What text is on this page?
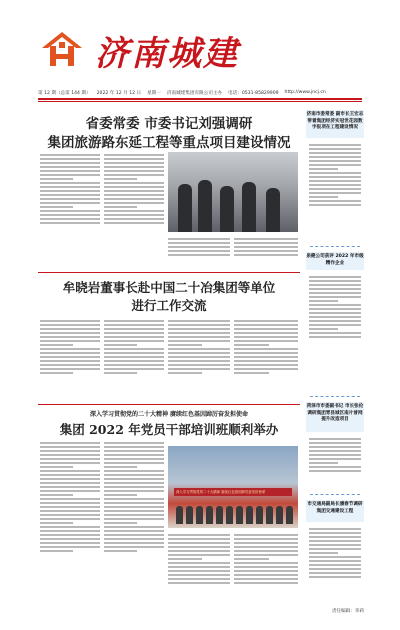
济南城建
第 12 期（总第 144 期） 2022 年 12 月 12 日 星期一 济南城建集团有限公司主办 电话：0531-85829909 http://www.jncj.cn
省委常委 市委书记刘强调研
集团旅游路东延工程等重点项目建设情况
牟晓岩董事长赴中国二十冶集团等单位
进行工作交流
深入学习贯彻党的二十大精神 赓续红色基因踔厉奋发担使命
集团 2022 年党员干部培训班顺利举办
深入学习贯彻党的二十大精神 赓续红色基因踔厉奋发担使命
济南市委常委 副市长王宏志带着集团经济实冠世花园数字报项在工程建设情况
泉健公司获评 2022 年市级精作企业
菏泽市市委副书记 市长张伦调研集团青县城区南片普网提升改造项目
市交通局副局长潘春节调研集团交通建设工程
责任编辑：李莉
